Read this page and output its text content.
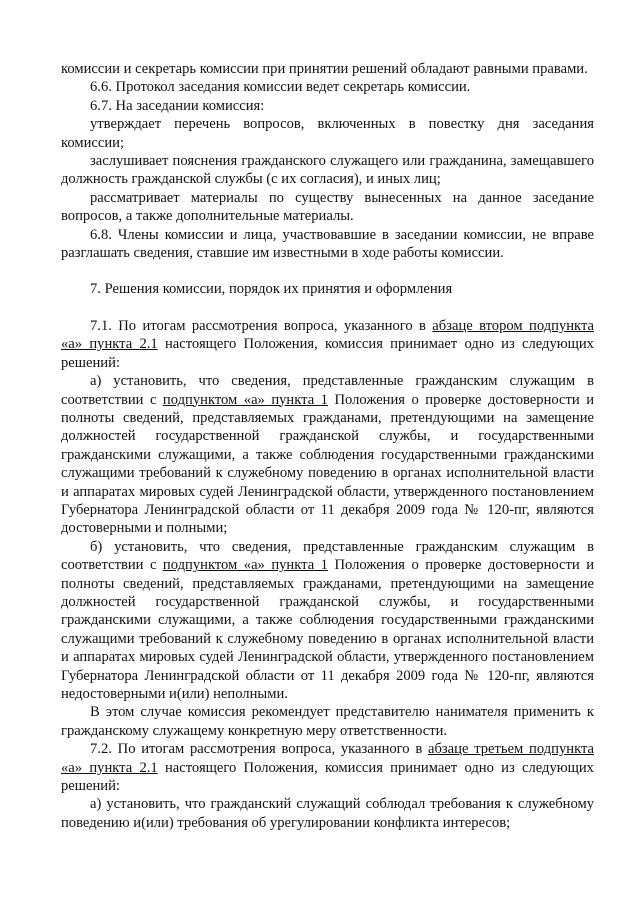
комиссии и секретарь комиссии при принятии решений обладают равными правами.

6.6. Протокол заседания комиссии ведет секретарь комиссии.

6.7. На заседании комиссия:

утверждает перечень вопросов, включенных в повестку дня заседания комиссии;

заслушивает пояснения гражданского служащего или гражданина, замещавшего должность гражданской службы (с их согласия), и иных лиц;

рассматривает материалы по существу вынесенных на данное заседание вопросов, а также дополнительные материалы.

6.8. Члены комиссии и лица, участвовавшие в заседании комиссии, не вправе разглашать сведения, ставшие им известными в ходе работы комиссии.

7. Решения комиссии, порядок их принятия и оформления

7.1. По итогам рассмотрения вопроса, указанного в абзаце втором подпункта «а» пункта 2.1 настоящего Положения, комиссия принимает одно из следующих решений:

а) установить, что сведения, представленные гражданским служащим в соответствии с подпунктом «а» пункта 1 Положения о проверке достоверности и полноты сведений, представляемых гражданами, претендующими на замещение должностей государственной гражданской службы, и государственными гражданскими служащими, а также соблюдения государственными гражданскими служащими требований к служебному поведению в органах исполнительной власти и аппаратах мировых судей Ленинградской области, утвержденного постановлением Губернатора Ленинградской области от 11 декабря 2009 года № 120-пг, являются достоверными и полными;

б) установить, что сведения, представленные гражданским служащим в соответствии с подпунктом «а» пункта 1 Положения о проверке достоверности и полноты сведений, представляемых гражданами, претендующими на замещение должностей государственной гражданской службы, и государственными гражданскими служащими, а также соблюдения государственными гражданскими служащими требований к служебному поведению в органах исполнительной власти и аппаратах мировых судей Ленинградской области, утвержденного постановлением Губернатора Ленинградской области от 11 декабря 2009 года № 120-пг, являются недостоверными и(или) неполными.

В этом случае комиссия рекомендует представителю нанимателя применить к гражданскому служащему конкретную меру ответственности.

7.2. По итогам рассмотрения вопроса, указанного в абзаце третьем подпункта «а» пункта 2.1 настоящего Положения, комиссия принимает одно из следующих решений:

а) установить, что гражданский служащий соблюдал требования к служебному поведению и(или) требования об урегулировании конфликта интересов;
